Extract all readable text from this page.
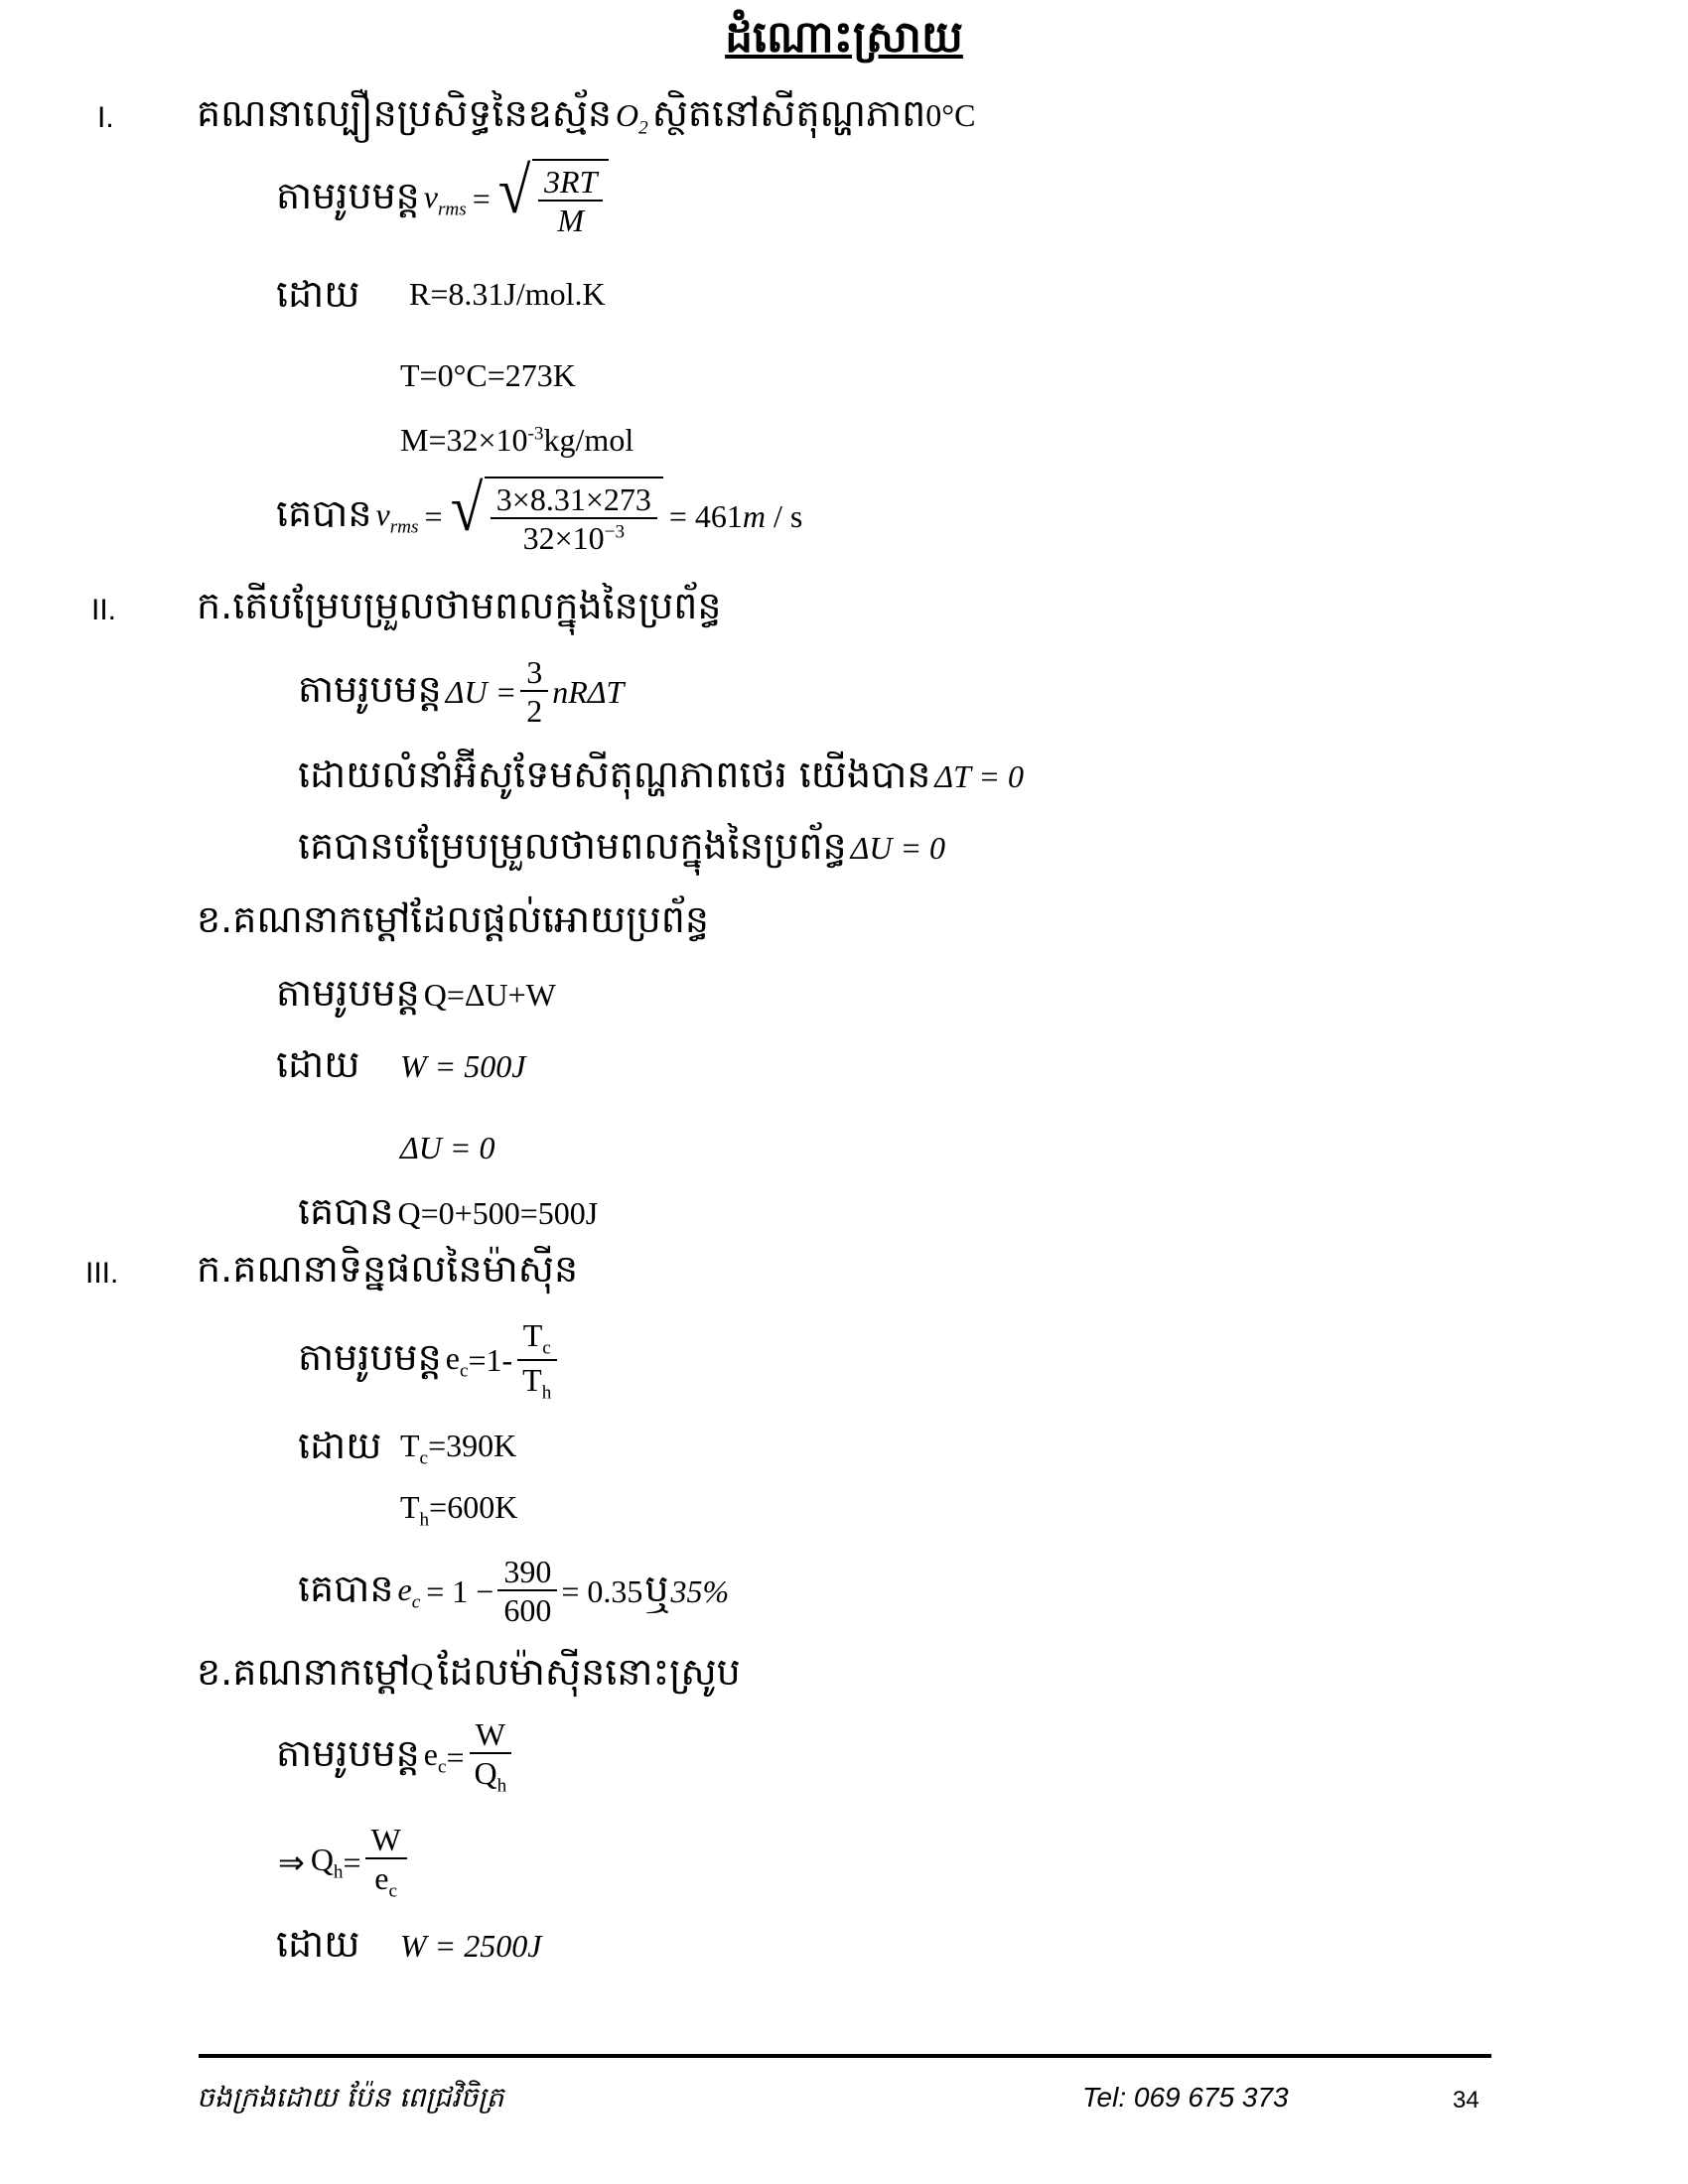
ដំណោះស្រាយ
I. គណនាល្បឿនប្រសិទ្ធនៃឧស្ម័ន $O_2$ ស្ថិតនៅសីតុណ្ហភាព0°C
តាមរូបមន្ត $v_{rms}$ = √ $\frac{3RT}{M}$
ដោយ R=8.31J/mol.K
T=0°C=273K
$M=32\times 10^{-3}kg$/mol
គេបាន $v_{rms}$ = √ $\frac{3\times 8.31\times 273}{32\times 10^{-3}} = 461m / s$
II. ក.តើបម្រែបម្រួលថាមពលក្នុងនៃប្រព័ន្ធ
តាមរូបមន្ត $\Delta U = \frac{3}{2}$ nRΔT
ដោយលំនាំអ៊ីសូទែមសីតុណ្ហភាពថេរ យើងបាន ΔT = 0
គេបានបម្រែបម្រួលថាមពលក្នុងនៃប្រព័ន្ធ ΔU = 0
ខ.គណនាកម្តៅដែលផ្តល់អោយប្រព័ន្ធ
តាមរូបមន្ត Q=ΔU+W
ដោយ W = 500J
ΔU = 0
គេបាន Q=0+500=500J
III. ក.គណនាទិន្នផលនៃម៉ាស៊ីន
តាមរូបមន្ត $e_c =1- \frac{T_c}{T_h}$
ដោយ $T_c=390K$
$T_h=600K$
គេបាន $e_c = 1 - \frac{390}{600} = 0.35$ ឬ 35%
ខ.គណនាកម្តៅQ ដែលម៉ាស៊ីននោះស្រូប
តាមរូបមន្ត $e_c = \frac{W}{Q_h}$
⇒ $Q_h = \frac{W}{e_c}$
ដោយ W = 2500J
ចងក្រងដោយ ប៉ែន ពេជ្រវិចិត្រ	Tel: 069 675 373	34
